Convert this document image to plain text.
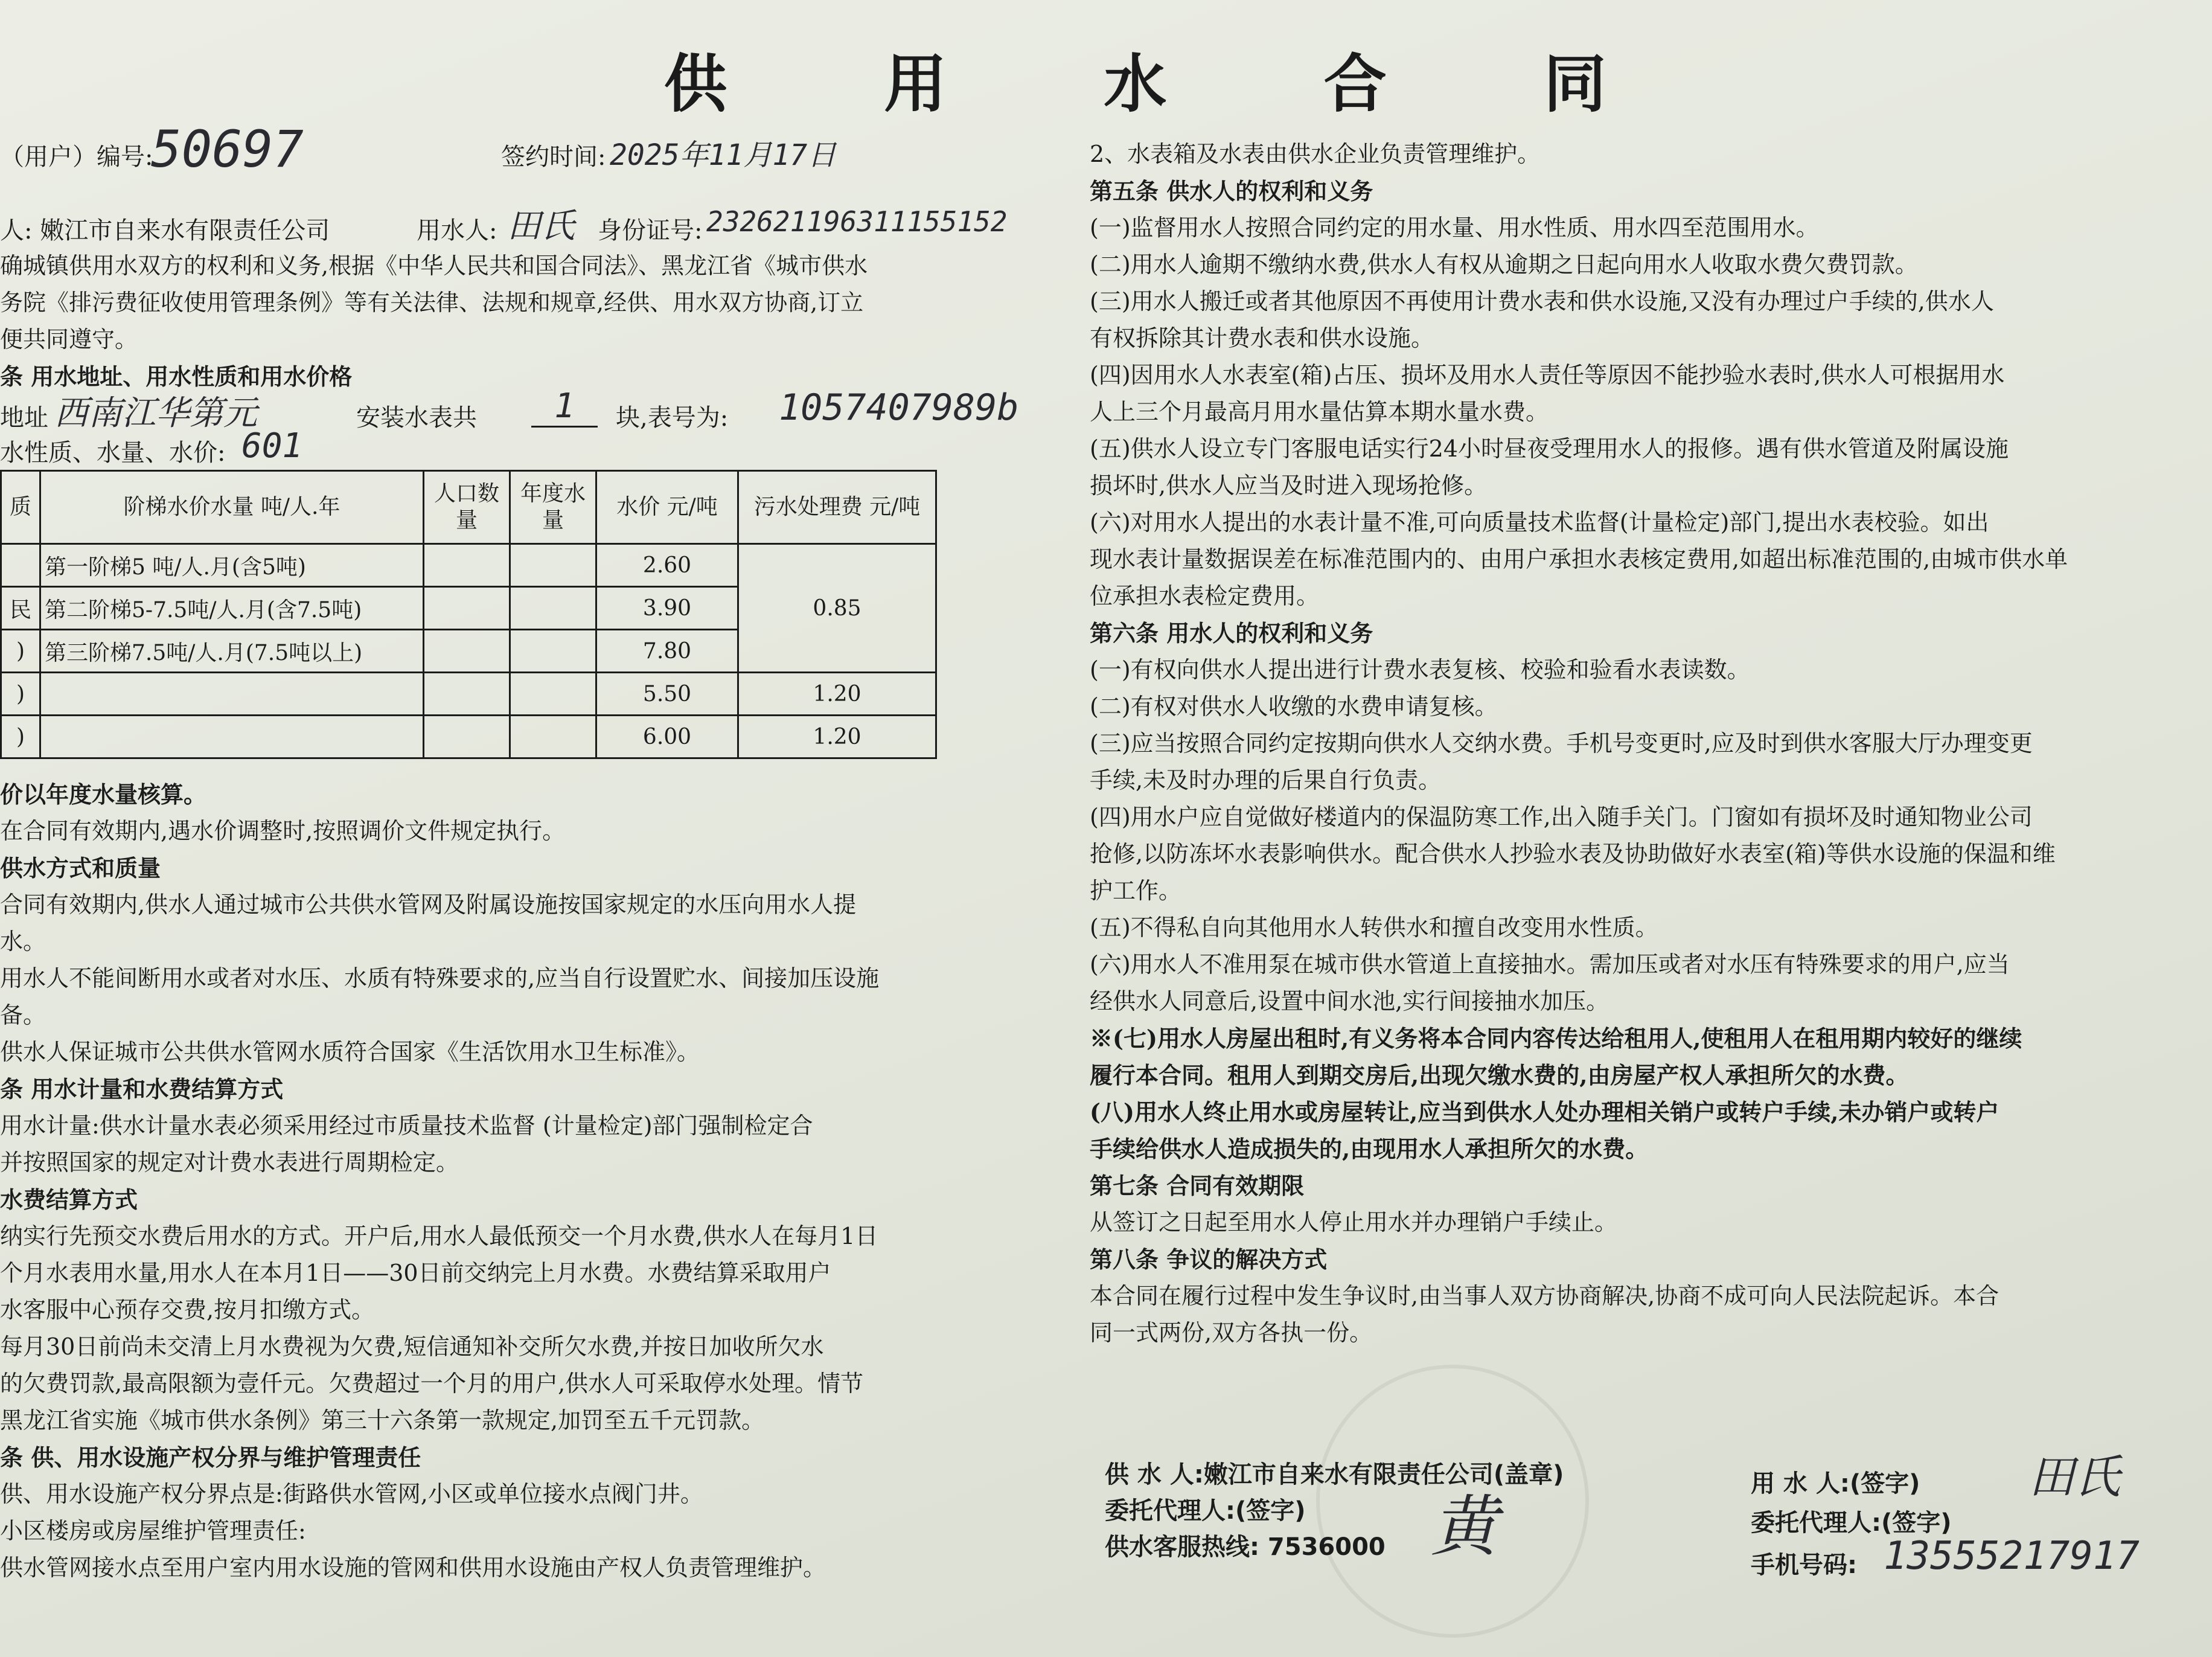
供 用 水 合 同
（用户）编号:
50697	签约时间: 2025年11月17日
人: 嫩江市自来水有限责任公司	用水人: 田氏 身份证号: 232621196311155152

确城镇供用水双方的权利和义务,根据《中华人民共和国合同法》、黑龙江省《城市供水

务院《排污费征收使用管理条例》等有关法律、法规和规章,经供、用水双方协商,订立

便共同遵守。

条 用水地址、用水性质和用水价格

地址 西南江华第元	安装水表共	1	块,表号为: 1057407989b
水性质、水量、水价: 601
质	阶梯水价水量 吨/人.年	人口数量	年度水量	水价 元/吨	污水处理费 元/吨
	第一阶梯5 吨/人.月(含5吨)			2.60	0.85
民	第二阶梯5-7.5吨/人.月(含7.5吨)			3.90	
)	第三阶梯7.5吨/人.月(7.5吨以上)			7.80	
)				5.50	1.20
)				6.00	1.20

价以年度水量核算。

在合同有效期内,遇水价调整时,按照调价文件规定执行。

供水方式和质量

合同有效期内,供水人通过城市公共供水管网及附属设施按国家规定的水压向用水人提

水。

用水人不能间断用水或者对水压、水质有特殊要求的,应当自行设置贮水、间接加压设施

备。

供水人保证城市公共供水管网水质符合国家《生活饮用水卫生标准》。

条 用水计量和水费结算方式

用水计量:供水计量水表必须采用经过市质量技术监督 (计量检定)部门强制检定合

并按照国家的规定对计费水表进行周期检定。

水费结算方式

纳实行先预交水费后用水的方式。开户后,用水人最低预交一个月水费,供水人在每月1日

个月水表用水量,用水人在本月1日——30日前交纳完上月水费。水费结算采取用户

水客服中心预存交费,按月扣缴方式。

每月30日前尚未交清上月水费视为欠费,短信通知补交所欠水费,并按日加收所欠水

的欠费罚款,最高限额为壹仟元。欠费超过一个月的用户,供水人可采取停水处理。情节

黑龙江省实施《城市供水条例》第三十六条第一款规定,加罚至五千元罚款。

条 供、用水设施产权分界与维护管理责任

供、用水设施产权分界点是:街路供水管网,小区或单位接水点阀门井。

小区楼房或房屋维护管理责任:

供水管网接水点至用户室内用水设施的管网和供用水设施由产权人负责管理维护。

2、水表箱及水表由供水企业负责管理维护。

第五条 供水人的权利和义务

(一)监督用水人按照合同约定的用水量、用水性质、用水四至范围用水。

(二)用水人逾期不缴纳水费,供水人有权从逾期之日起向用水人收取水费欠费罚款。

(三)用水人搬迁或者其他原因不再使用计费水表和供水设施,又没有办理过户手续的,供水人

有权拆除其计费水表和供水设施。

(四)因用水人水表室(箱)占压、损坏及用水人责任等原因不能抄验水表时,供水人可根据用水

人上三个月最高月用水量估算本期水量水费。

(五)供水人设立专门客服电话实行24小时昼夜受理用水人的报修。遇有供水管道及附属设施

损坏时,供水人应当及时进入现场抢修。

(六)对用水人提出的水表计量不准,可向质量技术监督(计量检定)部门,提出水表校验。如出

现水表计量数据误差在标准范围内的、由用户承担水表核定费用,如超出标准范围的,由城市供水单

位承担水表检定费用。

第六条 用水人的权利和义务

(一)有权向供水人提出进行计费水表复核、校验和验看水表读数。

(二)有权对供水人收缴的水费申请复核。

(三)应当按照合同约定按期向供水人交纳水费。手机号变更时,应及时到供水客服大厅办理变更

手续,未及时办理的后果自行负责。

(四)用水户应自觉做好楼道内的保温防寒工作,出入随手关门。门窗如有损坏及时通知物业公司

抢修,以防冻坏水表影响供水。配合供水人抄验水表及协助做好水表室(箱)等供水设施的保温和维

护工作。

(五)不得私自向其他用水人转供水和擅自改变用水性质。

(六)用水人不准用泵在城市供水管道上直接抽水。需加压或者对水压有特殊要求的用户,应当

经供水人同意后,设置中间水池,实行间接抽水加压。

※(七)用水人房屋出租时,有义务将本合同内容传达给租用人,使租用人在租用期内较好的继续

履行本合同。租用人到期交房后,出现欠缴水费的,由房屋产权人承担所欠的水费。

(八)用水人终止用水或房屋转让,应当到供水人处办理相关销户或转户手续,未办销户或转户

手续给供水人造成损失的,由现用水人承担所欠的水费。

第七条 合同有效期限

从签订之日起至用水人停止用水并办理销户手续止。

第八条 争议的解决方式

本合同在履行过程中发生争议时,由当事人双方协商解决,协商不成可向人民法院起诉。本合

同一式两份,双方各执一份。

供 水 人:嫩江市自来水有限责任公司(盖章)
委托代理人:(签字)
供水客服热线: 7536000 黄
用 水 人:(签字) 田氏
委托代理人:(签字)
手机号码: 13555217917
